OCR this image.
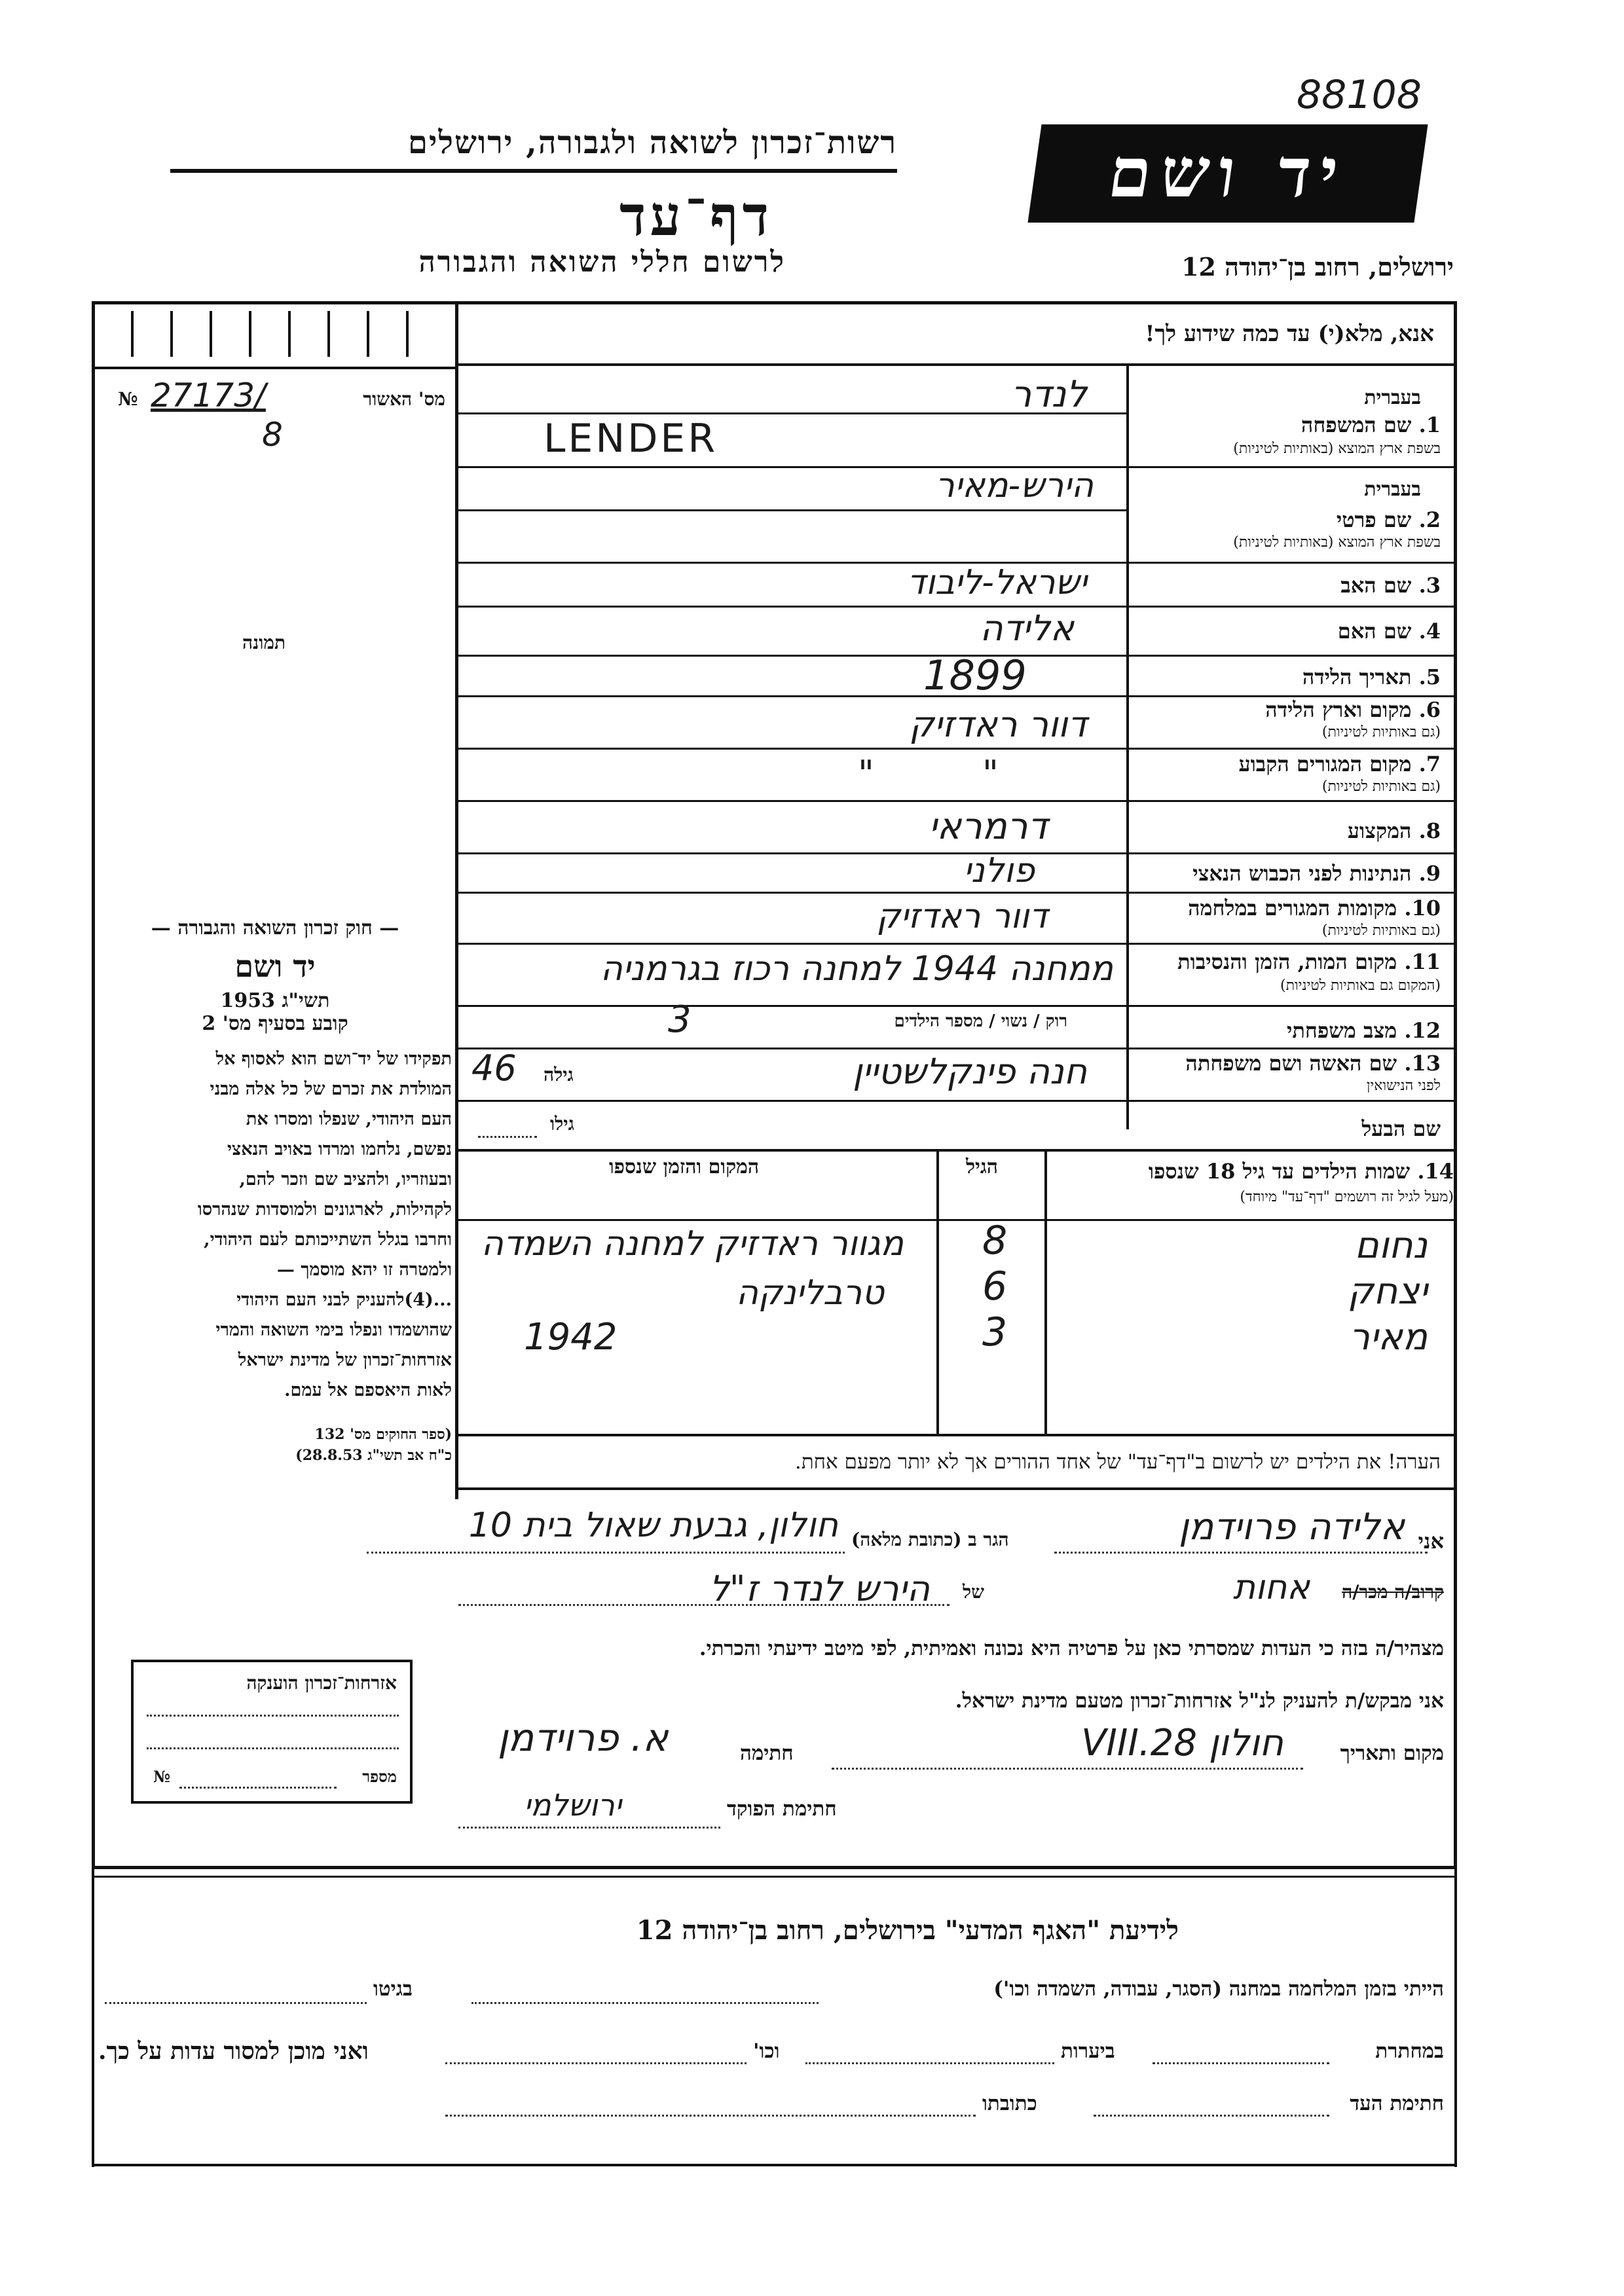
88108
רשות־זכרון לשואה ולגבורה, ירושלים
דף־עד
לרשום חללי השואה והגבורה
יד ושם
ירושלים, רחוב בן־יהודה 12
אנא, מלא(י) עד כמה שידוע לך!
№ 27173/	מס' האשור
8
תמונה
בעברית
לנדר
1. שם המשפחה
בשפת ארץ המוצא (באותיות לטיניות)
LENDER
בעברית
הירש-מאיר
2. שם פרטי
בשפת ארץ המוצא (באותיות לטיניות)
3. שם האב
ישראל-ליבוד
4. שם האם
אלידה
5. תאריך הלידה
1899
6. מקום וארץ הלידה
(גם באותיות לטיניות)
דוור ראדזיק
7. מקום המגורים הקבוע
(גם באותיות לטיניות)
"	"
8. המקצוע
דרמראי
9. הנתינות לפני הכבוש הנאצי
פולני
10. מקומות המגורים במלחמה
(גם באותיות לטיניות)
דוור ראדזיק
11. מקום המות, הזמן והנסיבות
(המקום גם באותיות לטיניות)
ממחנה 1944 למחנה רכוז בגרמניה
12. מצב משפחתי
רוק / נשוי / מספר הילדים
3
13. שם האשה ושם משפחתה
לפני הנישואין
חנה פינקלשטיין
גילה
46
שם הבעל
גילו
14. שמות הילדים עד גיל 18 שנספו
(מעל לגיל זה רושמים "דף־עד" מיוחד)
הגיל
המקום והזמן שנספו
נחום
8
מגוור ראדזיק למחנה השמדה
יצחק
6
טרבלינקה
מאיר
3
1942
הערה! את הילדים יש לרשום ב"דף־עד" של אחד ההורים אך לא יותר מפעם אחת.
— חוק זכרון השואה והגבורה —
יד ושם
תשי"ג 1953
קובע בסעיף מס' 2

תפקידו של יד־ושם הוא לאסוף אל

המולדת את זכרם של כל אלה מבני

העם היהודי, שנפלו ומסרו את

נפשם, נלחמו ומרדו באויב הנאצי

ובעוזריו, ולהציב שם וזכר להם,

לקהילות, לארגונים ולמוסדות שנהרסו

וחרבו בגלל השתייכותם לעם היהודי,

ולמטרה זו יהא מוסמך —

...(4)להעניק לבני העם היהודי

שהושמדו ונפלו בימי השואה והמרי

אזרחות־זכרון של מדינת ישראל

לאות היאספם אל עמם.

(ספר החוקים מס' 132

כ"ח אב תשי"ג 28.8.53)

אני
אלידה פרוידמן
הגר ב (כתובת מלאה)
חולון, גבעת שאול בית 10
קרוב/ה מכר/ה
אחות
של
הירש לנדר ז"ל
מצהיר/ה בזה כי העדות שמסרתי כאן על פרטיה היא נכונה ואמיתית, לפי מיטב ידיעתי והכרתי.
אני מבקש/ת להעניק לנ"ל אזרחות־זכרון מטעם מדינת ישראל.
מקום ותאריך
חולון 28.VIII
חתימה
א. פרוידמן
חתימת הפוקד
ירושלמי
אזרחות־זכרון הוענקה
מספר
№
לידיעת "האגף המדעי" בירושלים, רחוב בן־יהודה 12
הייתי בזמן המלחמה במחנה (הסגר, עבודה, השמדה וכו')
בגיטו
במחתרת
ביערות
וכו'
ואני מוכן למסור עדות על כך.
חתימת העד
כתובתו
